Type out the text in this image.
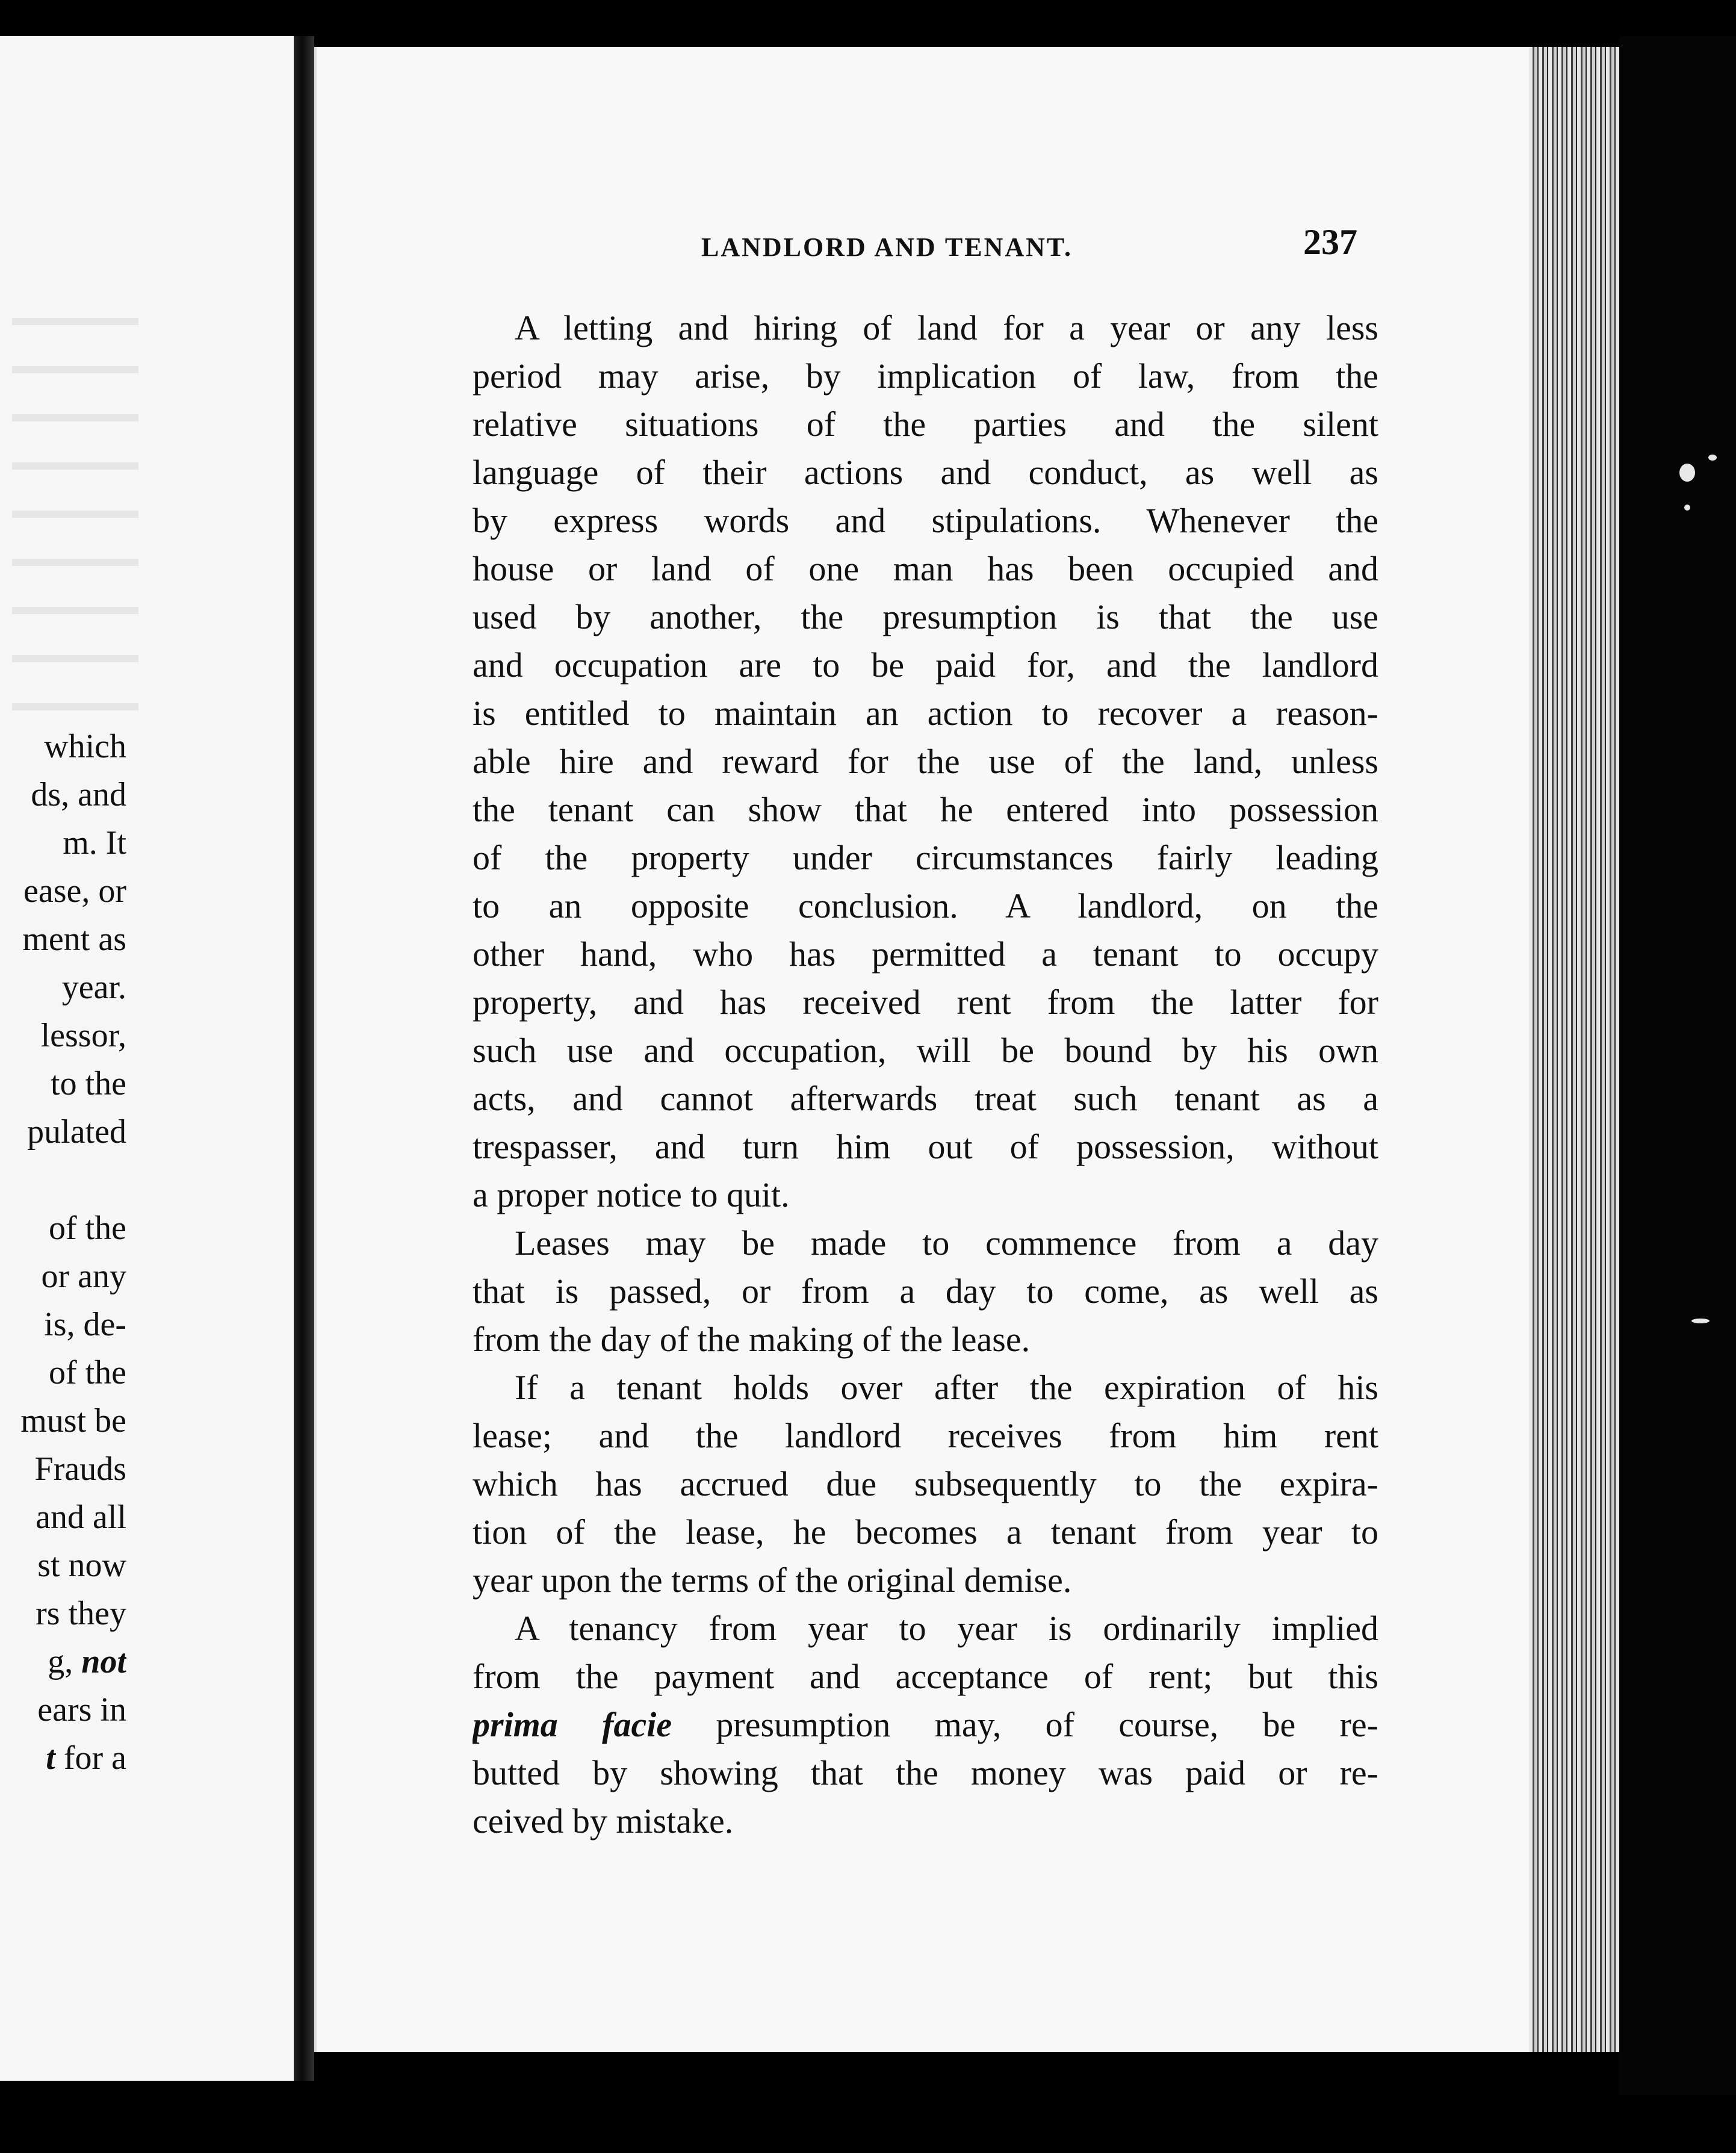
which
ds, and
m. It
ease, or
ment as
year.
lessor,
to the
pulated
of the
or any
is, de-
of the
must be
Frauds
and all
st now
rs they
g, not
ears in
t for a
LANDLORD AND TENANT.	237
A letting and hiring of land for a year or any less
period may arise, by implication of law, from the
relative situations of the parties and the silent
language of their actions and conduct, as well as
by express words and stipulations. Whenever the
house or land of one man has been occupied and
used by another, the presumption is that the use
and occupation are to be paid for, and the landlord
is entitled to maintain an action to recover a reason-
able hire and reward for the use of the land, unless
the tenant can show that he entered into possession
of the property under circumstances fairly leading
to an opposite conclusion. A landlord, on the
other hand, who has permitted a tenant to occupy
property, and has received rent from the latter for
such use and occupation, will be bound by his own
acts, and cannot afterwards treat such tenant as a
trespasser, and turn him out of possession, without
a proper notice to quit.
Leases may be made to commence from a day
that is passed, or from a day to come, as well as
from the day of the making of the lease.
If a tenant holds over after the expiration of his
lease; and the landlord receives from him rent
which has accrued due subsequently to the expira-
tion of the lease, he becomes a tenant from year to
year upon the terms of the original demise.
A tenancy from year to year is ordinarily implied
from the payment and acceptance of rent; but this
prima facie presumption may, of course, be re-
butted by showing that the money was paid or re-
ceived by mistake.
